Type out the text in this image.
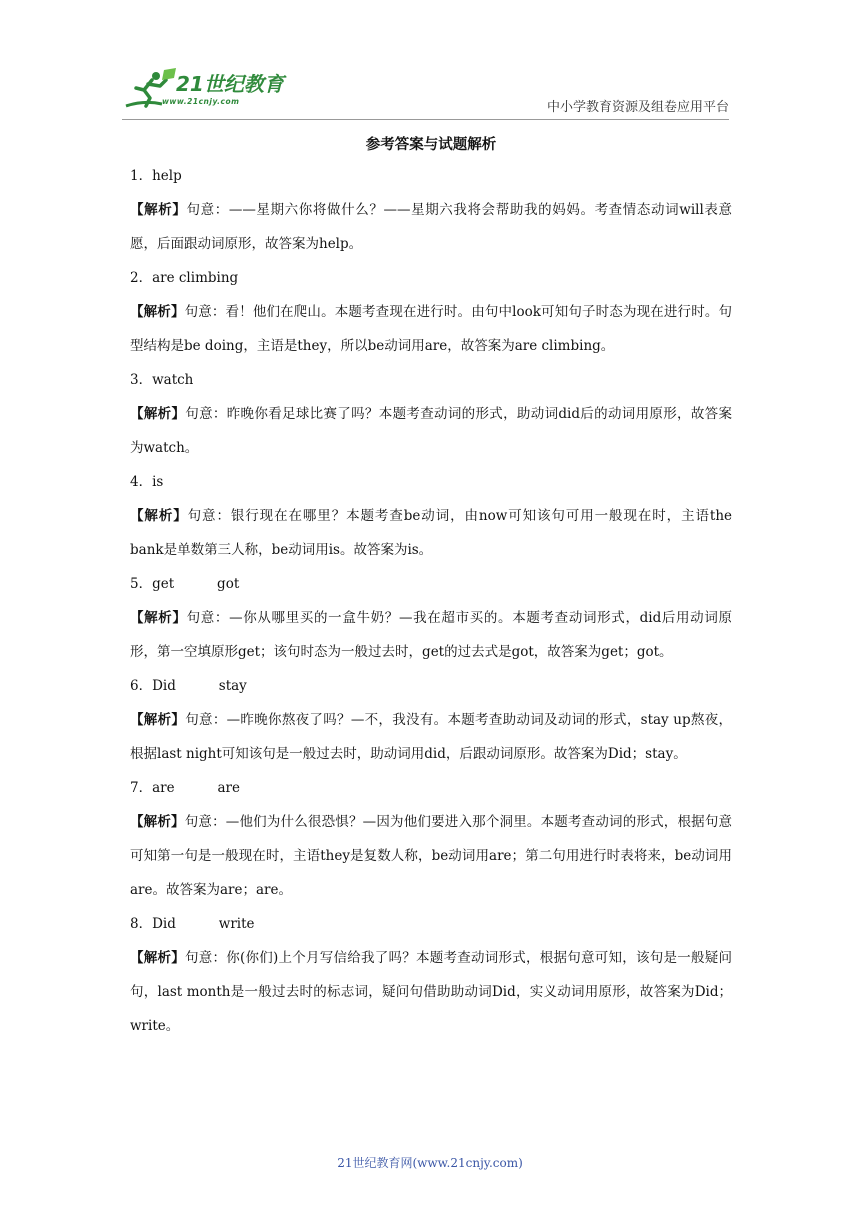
21世纪教育
www.21cnjy.com	中小学教育资源及组卷应用平台
参考答案与试题解析
1．help
【解析】句意：——星期六你将做什么？——星期六我将会帮助我的妈妈。考查情态动词will表意愿，后面跟动词原形，故答案为help。
2．are climbing
【解析】句意：看！他们在爬山。本题考查现在进行时。由句中look可知句子时态为现在进行时。句型结构是be doing，主语是they，所以be动词用are，故答案为are climbing。
3．watch
【解析】句意：昨晚你看足球比赛了吗？本题考查动词的形式，助动词did后的动词用原形，故答案为watch。
4．is
【解析】句意：银行现在在哪里？本题考查be动词，由now可知该句可用一般现在时，主语the bank是单数第三人称，be动词用is。故答案为is。
5．get          got
【解析】句意：—你从哪里买的一盒牛奶？—我在超市买的。本题考查动词形式，did后用动词原形，第一空填原形get；该句时态为一般过去时，get的过去式是got，故答案为get；got。
6．Did          stay
【解析】句意：—昨晚你熬夜了吗？—不，我没有。本题考查助动词及动词的形式，stay up熬夜，根据last night可知该句是一般过去时，助动词用did，后跟动词原形。故答案为Did；stay。
7．are          are
【解析】句意：—他们为什么很恐惧？—因为他们要进入那个洞里。本题考查动词的形式，根据句意可知第一句是一般现在时，主语they是复数人称，be动词用are；第二句用进行时表将来，be动词用are。故答案为are；are。
8．Did          write
【解析】句意：你(你们)上个月写信给我了吗？本题考查动词形式，根据句意可知，该句是一般疑问句，last month是一般过去时的标志词，疑问句借助助动词Did，实义动词用原形，故答案为Did；write。
21世纪教育网(www.21cnjy.com)
